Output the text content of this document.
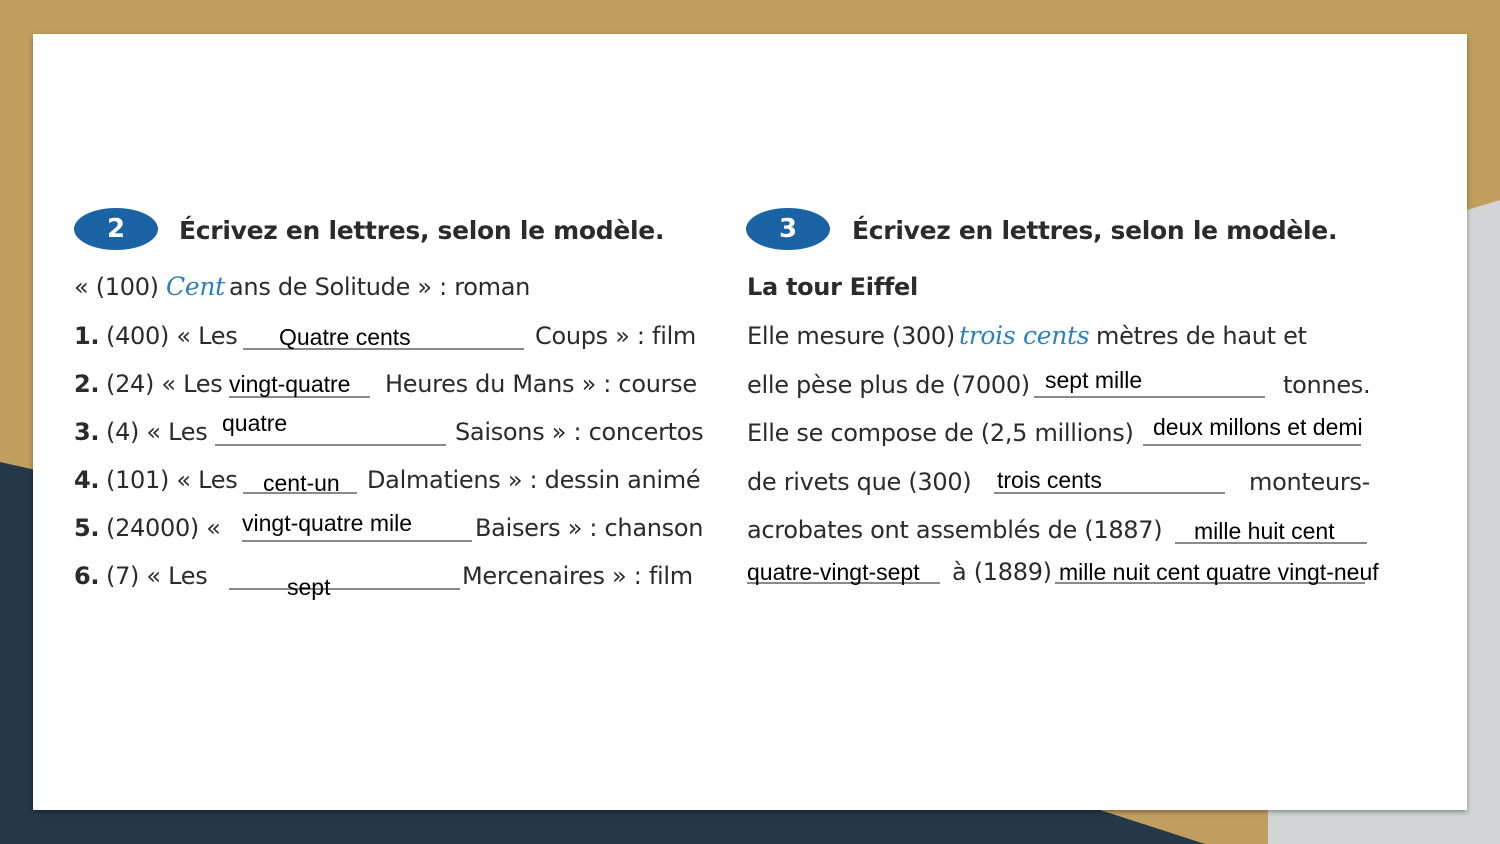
2	Écrivez en lettres, selon le modèle.
« (100) Cent ans de Solitude » : roman
1. (400) « Les Quatre cents	Coups » : film
2. (24) « Les vingt-quatre Heures du Mans » : course
3. (4) « Les quatre	Saisons » : concertos
4. (101) « Les cent-un Dalmatiens » : dessin animé
5. (24000) « vingt-quatre mile	Baisers » : chanson
6. (7) « Les	sept	Mercenaires » : film
3	Écrivez en lettres, selon le modèle.
La tour Eiffel
Elle mesure (300) trois cents mètres de haut et
elle pèse plus de (7000) sept mille	tonnes.
Elle se compose de (2,5 millions) deux millons et demi
de rivets que (300) trois cents	monteurs-
acrobates ont assemblés de (1887) mille huit cent
quatre-vingt-sept à (1889) mille nuit cent quatre vingt-neuf
